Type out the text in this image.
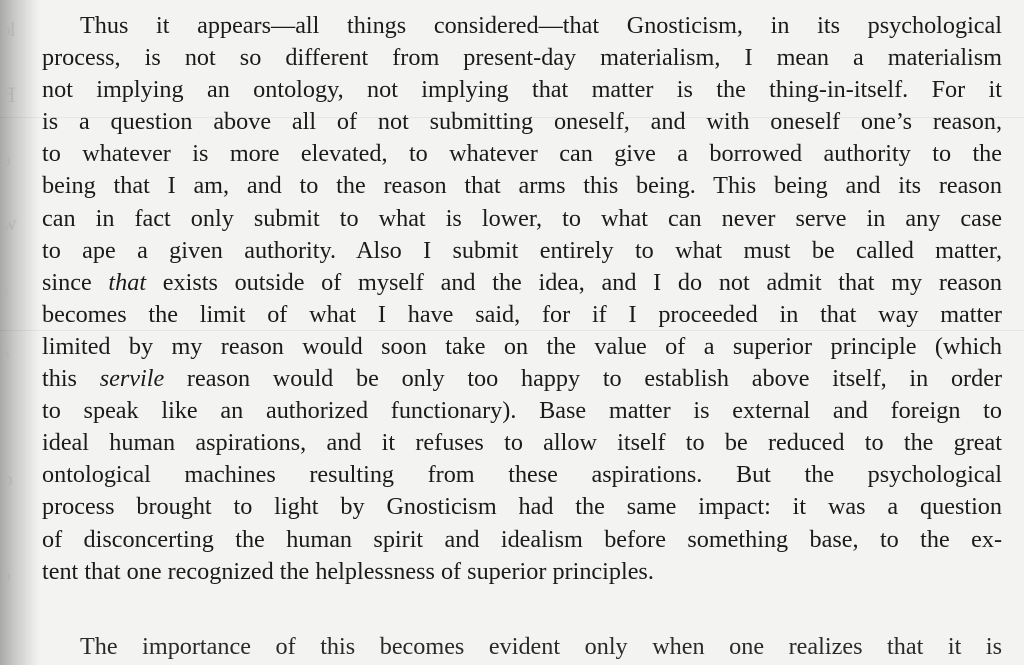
ɔl
ꟻ
ɘ
w
ɿ
s
ɒ
ɔ
Thus it appears—all things considered—that Gnosticism, in its psychological
process, is not so different from present-day materialism, I mean a materialism
not implying an ontology, not implying that matter is the thing-in-itself. For it
is a question above all of not submitting oneself, and with oneself one’s reason,
to whatever is more elevated, to whatever can give a borrowed authority to the
being that I am, and to the reason that arms this being. This being and its reason
can in fact only submit to what is lower, to what can never serve in any case
to ape a given authority. Also I submit entirely to what must be called matter,
since that exists outside of myself and the idea, and I do not admit that my reason
becomes the limit of what I have said, for if I proceeded in that way matter
limited by my reason would soon take on the value of a superior principle (which
this servile reason would be only too happy to establish above itself, in order
to speak like an authorized functionary). Base matter is external and foreign to
ideal human aspirations, and it refuses to allow itself to be reduced to the great
ontological machines resulting from these aspirations. But the psychological
process brought to light by Gnosticism had the same impact: it was a question
of disconcerting the human spirit and idealism before something base, to the ex-
tent that one recognized the helplessness of superior principles.
The importance of this becomes evident only when one realizes that it is
